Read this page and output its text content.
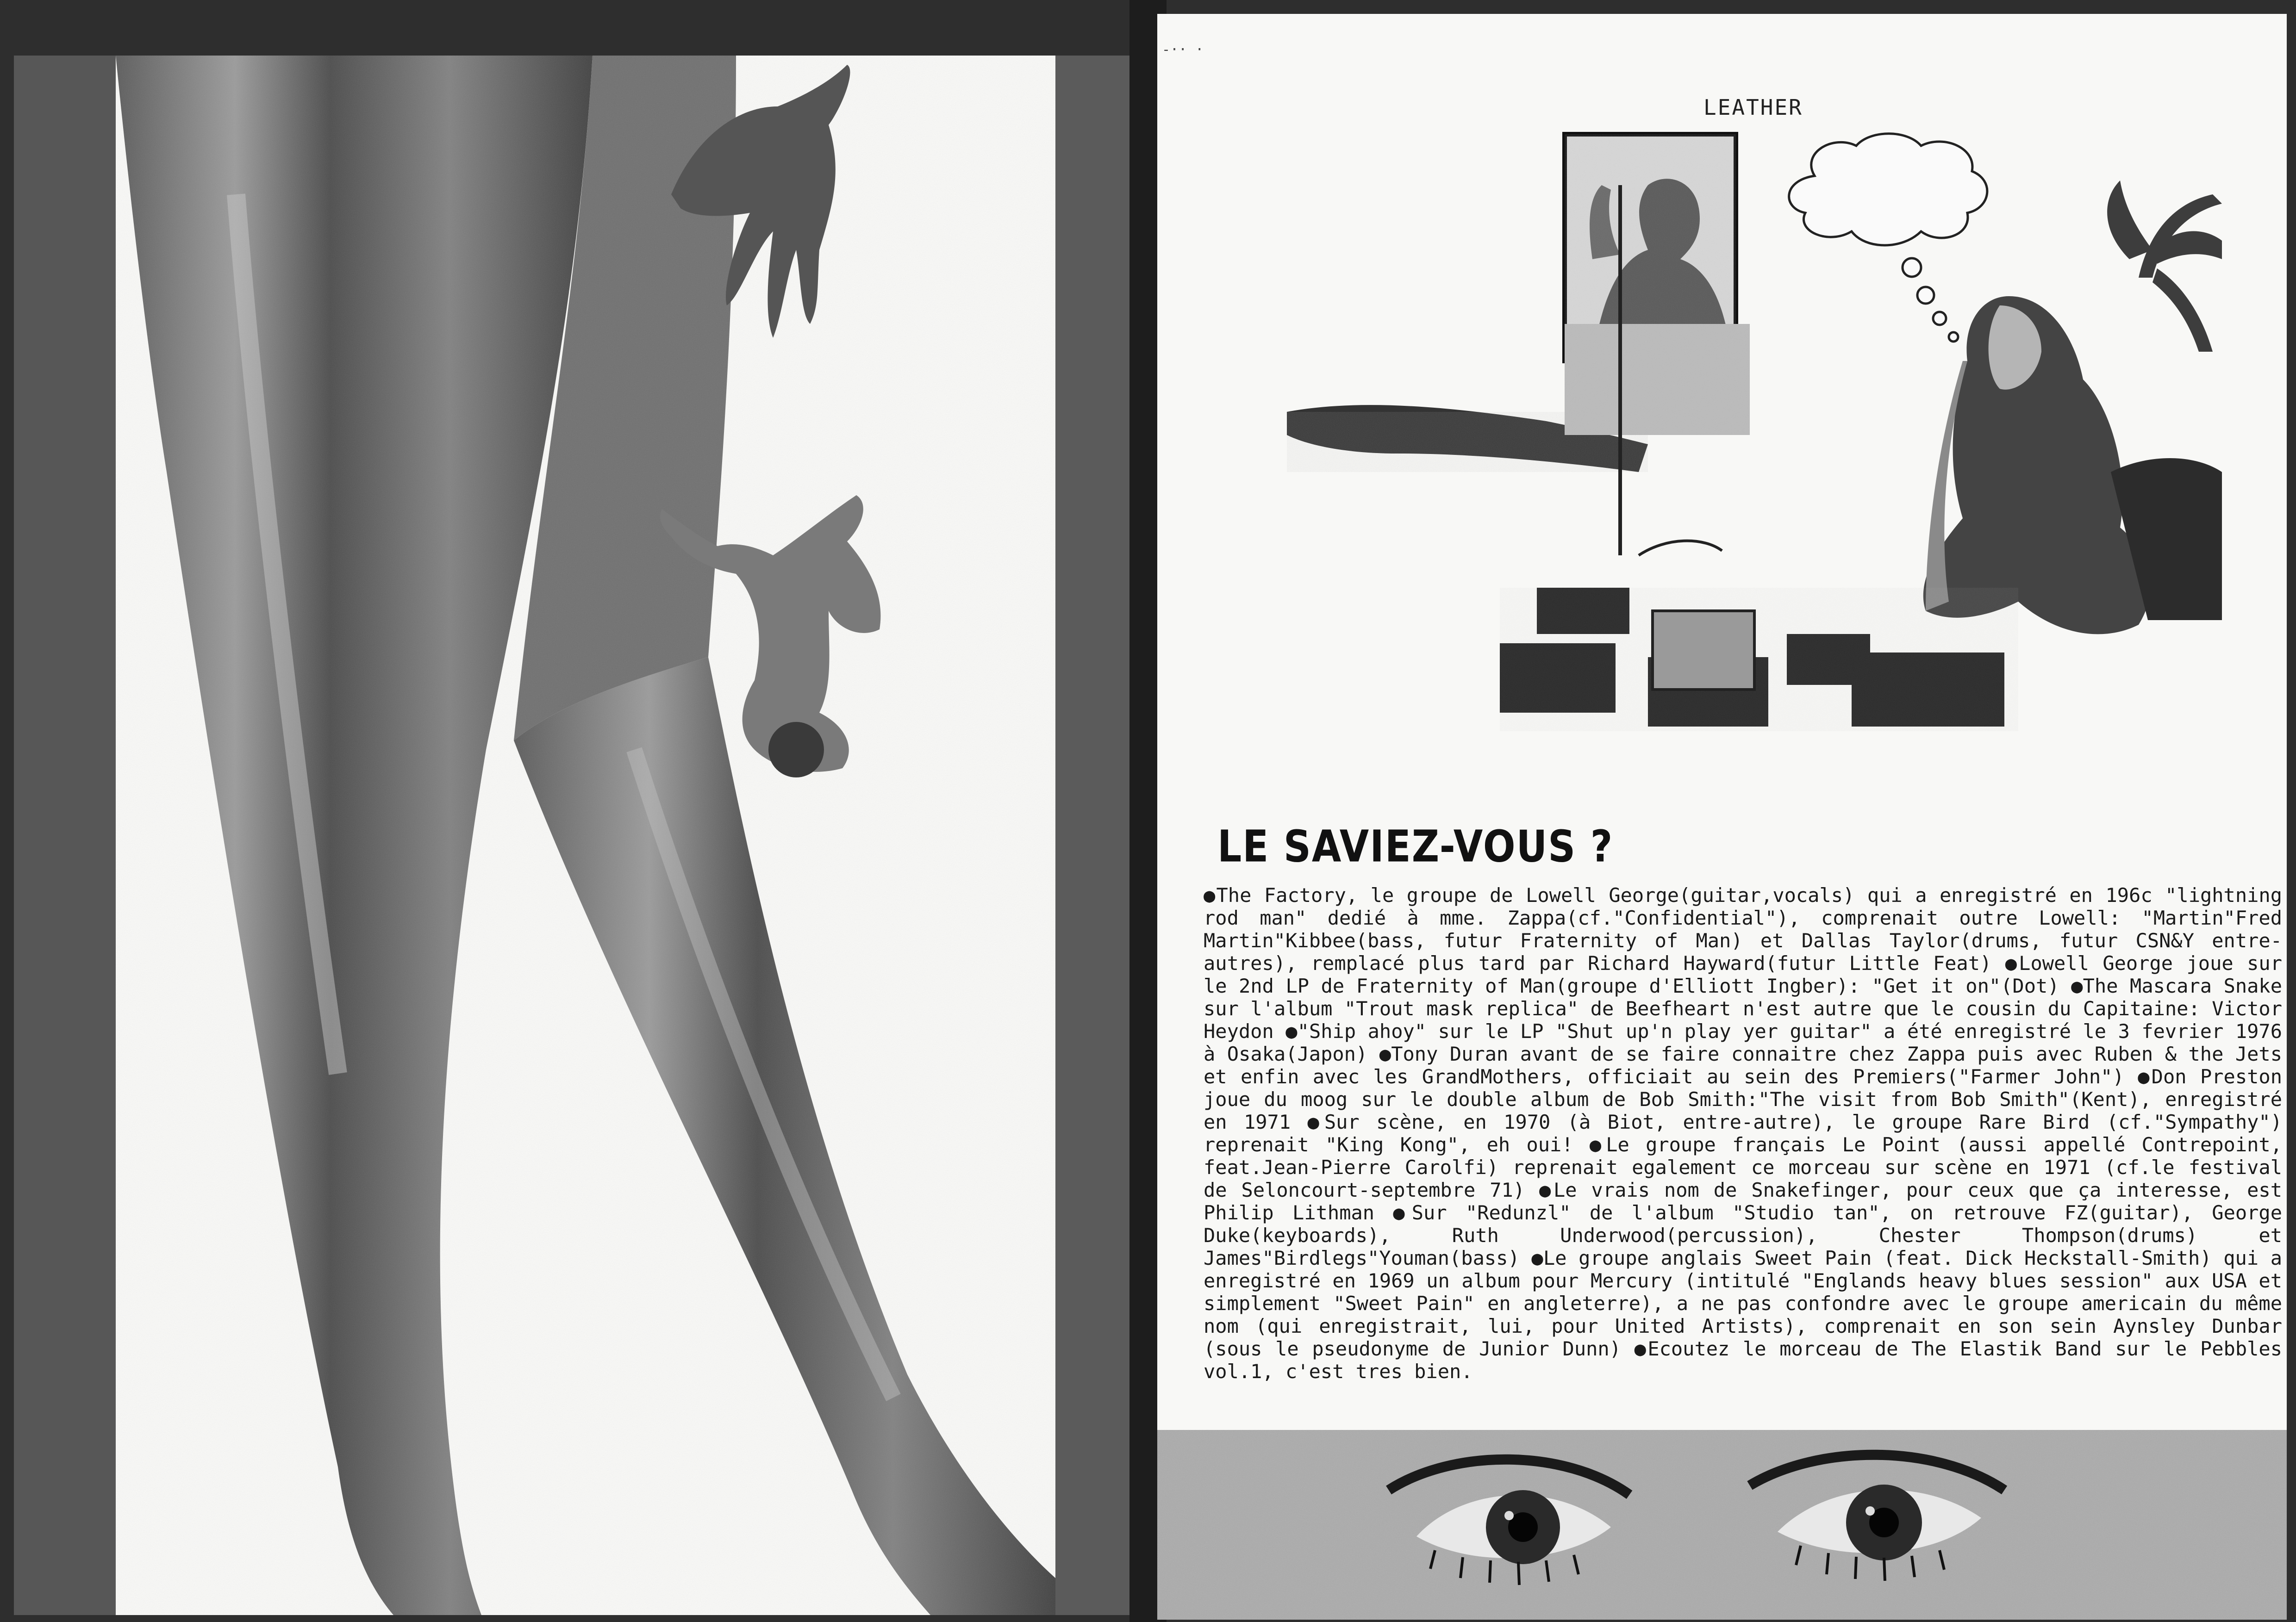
-·· ·
LEATHER
LE SAVIEZ-VOUS ?

●The Factory, le groupe de Lowell George(guitar,vocals) qui a enregistré en 196c "lightning rod man" dedié à mme. Zappa(cf."Confidential"), comprenait outre Lowell: "Martin"Fred Martin"Kibbee(bass, futur Fraternity of Man) et Dallas Taylor(drums, futur CSN&Y entre-autres), remplacé plus tard par Richard Hayward(futur Little Feat) ●Lowell George joue sur le 2nd LP de Fraternity of Man(groupe d'Elliott Ingber): "Get it on"(Dot) ●The Mascara Snake sur l'album "Trout mask replica" de Beefheart n'est autre que le cousin du Capitaine: Victor Heydon ●"Ship ahoy" sur le LP "Shut up'n play yer guitar" a été enregistré le 3 fevrier 1976 à Osaka(Japon) ●Tony Duran avant de se faire connaitre chez Zappa puis avec Ruben & the Jets et enfin avec les GrandMothers, officiait au sein des Premiers("Farmer John") ●Don Preston joue du moog sur le double album de Bob Smith:"The visit from Bob Smith"(Kent), enregistré en 1971 ●Sur scène, en 1970 (à Biot, entre-autre), le groupe Rare Bird (cf."Sympathy") reprenait "King Kong", eh oui! ●Le groupe français Le Point (aussi appellé Contrepoint, feat.Jean-Pierre Carolfi) reprenait egalement ce morceau sur scène en 1971 (cf.le festival de Seloncourt-septembre 71) ●Le vrais nom de Snakefinger, pour ceux que ça interesse, est Philip Lithman ●Sur "Redunzl" de l'album "Studio tan", on retrouve FZ(guitar), George Duke(keyboards), Ruth Underwood(percussion), Chester Thompson(drums) et James"Birdlegs"Youman(bass) ●Le groupe anglais Sweet Pain (feat. Dick Heckstall-Smith) qui a enregistré en 1969 un album pour Mercury (intitulé "Englands heavy blues session" aux USA et simplement "Sweet Pain" en angleterre), a ne pas confondre avec le groupe americain du même nom (qui enregistrait, lui, pour United Artists), comprenait en son sein Aynsley Dunbar (sous le pseudonyme de Junior Dunn) ●Ecoutez le morceau de The Elastik Band sur le Pebbles vol.1, c'est tres bien.
